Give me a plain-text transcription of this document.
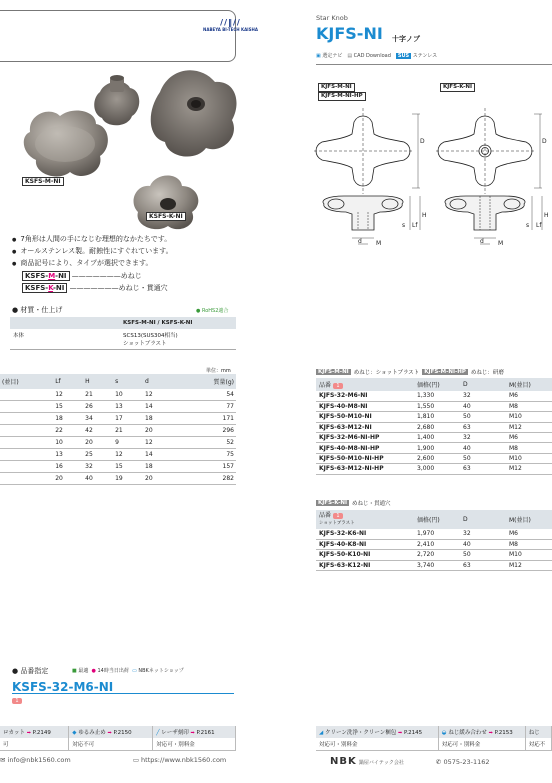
//‖//
NABEYA BI-TECH KAISHA
KSFS-M-NI
KSFS-K-NI
● 7角形は人間の手になじむ理想的なかたちです。
● オールステンレス製。耐蝕性にすぐれています。
● 商品記号により、タイプが選択できます。
KSFS-M-NI ———————めねじ
KSFS-K-NI ———————めねじ・貫通穴
● 材質・仕上げ	● RoHS2適合
	KSFS-M-NI / KSFS-K-NI
本体	SCS13(SUS304相当)
ショットブラスト
単位：mm
(並目)	Lf	H	s	d	質量(g)
	12	21	10	12	54
	15	26	13	14	77
	18	34	17	18	171
	22	42	21	20	296
	10	20	9	12	52
	13	25	12	14	75
	16	32	15	18	157
	20	40	19	20	282
● 品番指定	■ 最適 ● 14時当日出荷 ▭ NBKネットショップ
KSFS-32-M6-NI
1
ロカット ➡ P.2149	◆ ゆるみ止め ➡ P.2150	╱ レーザ刻印 ➡ P.2161
可	対応不可	対応可・別料金
✉ info@nbk1560.com	▭ https://www.nbk1560.com
Star Knob
KJFS-NI 十字ノブ
▣ 選定ナビ ▤ CAD Download	SUS ステンレス
KJFS-M-NI
KJFS-M-NI-HP
KJFS-K-NI
D	D
H
s Lf
d M	d M
H
s Lf
KJFS-M-NI めねじ：ショットブラスト KJFS-M-NI-HP めねじ：研磨
品番 1	価格(円)	D	M(並目)
KJFS-32-M6-NI	1,330	32	M6
KJFS-40-M8-NI	1,550	40	M8
KJFS-50-M10-NI	1,810	50	M10
KJFS-63-M12-NI	2,680	63	M12
KJFS-32-M6-NI-HP	1,400	32	M6
KJFS-40-M8-NI-HP	1,900	40	M8
KJFS-50-M10-NI-HP	2,600	50	M10
KJFS-63-M12-NI-HP	3,000	63	M12
KJFS-K-NI めねじ・貫通穴
品番 1
ショットブラスト	価格(円)	D	M(並目)
KJFS-32-K6-NI	1,970	32	M6
KJFS-40-K8-NI	2,410	40	M8
KJFS-50-K10-NI	2,720	50	M10
KJFS-63-K12-NI	3,740	63	M12
◢ クリーン洗浄・クリーン梱包 ➡ P.2145	◒ ねじ緩み合わせ ➡ P.2153	ねじ
対応可・別料金	対応可・別料金	対応不
NBK 鍋屋バイテック会社	✆ 0575-23-1162
